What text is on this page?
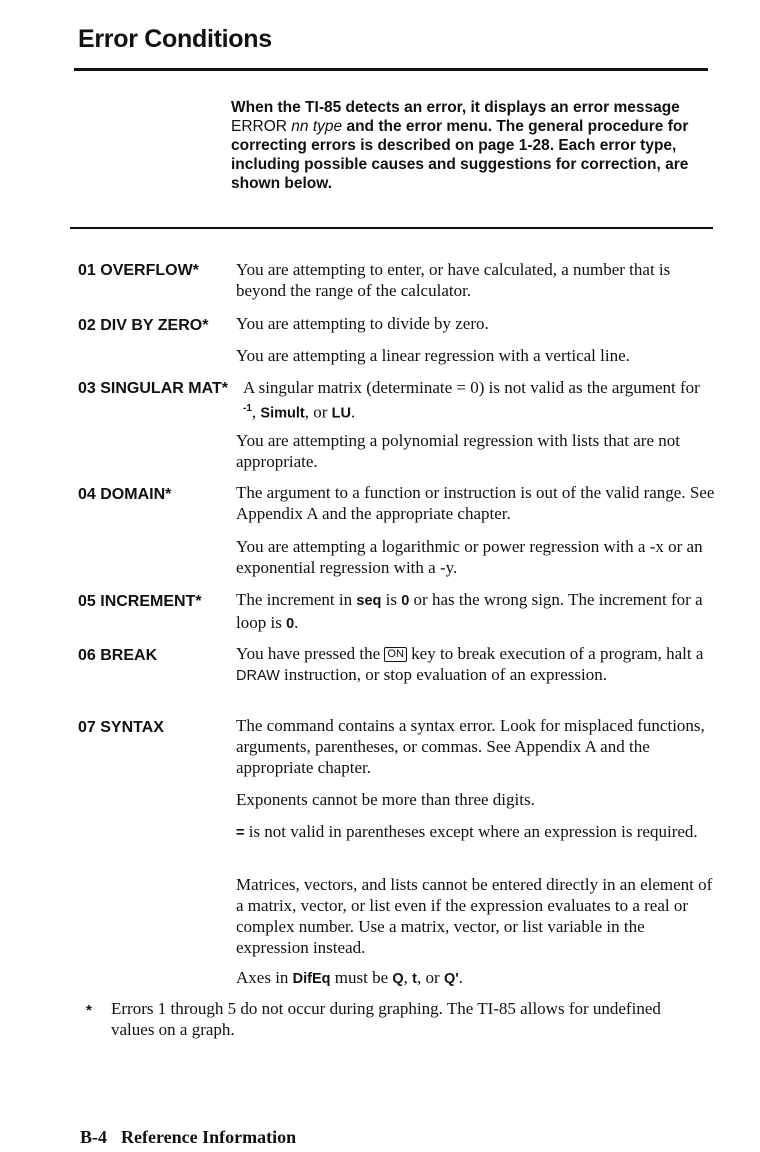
Error Conditions

When the TI-85 detects an error, it displays an error message ERROR nn type and the error menu. The general procedure for correcting errors is described on page 1-28. Each error type, including possible causes and suggestions for correction, are shown below.

01 OVERFLOW* You are attempting to enter, or have calculated, a number that is beyond the range of the calculator.

02 DIV BY ZERO* You are attempting to divide by zero.

You are attempting a linear regression with a vertical line.

03 SINGULAR MAT* A singular matrix (determinate = 0) is not valid as the argument for $^{-1}$, Simult, or LU.

You are attempting a polynomial regression with lists that are not appropriate.

04 DOMAIN*	The argument to a function or instruction is out of the valid range. See Appendix A and the appropriate chapter.

You are attempting a logarithmic or power regression with a -x or an exponential regression with a -y.

05 INCREMENT* The increment in seq is 0 or has the wrong sign. The increment for a loop is 0.

06 BREAK	You have pressed the ON key to break execution of a program, halt a DRAW instruction, or stop evaluation of an expression.

07 SYNTAX	The command contains a syntax error. Look for misplaced functions, arguments, parentheses, or commas. See Appendix A and the appropriate chapter.

Exponents cannot be more than three digits.

= is not valid in parentheses except where an expression is required.

Matrices, vectors, and lists cannot be entered directly in an element of a matrix, vector, or list even if the expression evaluates to a real or complex number. Use a matrix, vector, or list variable in the expression instead.

Axes in DifEq must be Q, t, or Q'.

* Errors 1 through 5 do not occur during graphing. The TI-85 allows for undefined values on a graph.

B-4 Reference Information
